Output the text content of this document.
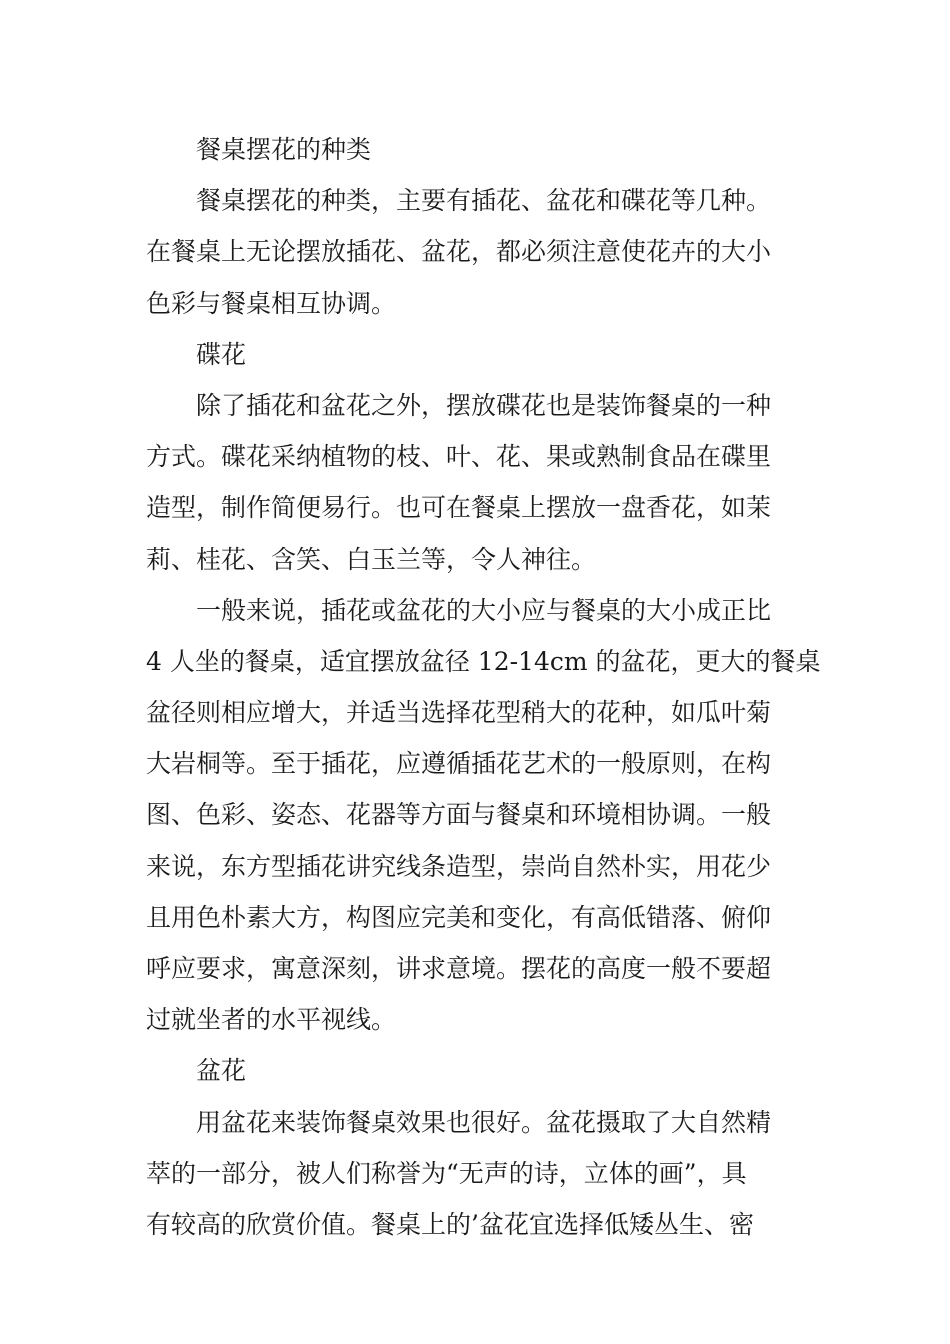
餐桌摆花的种类
餐桌摆花的种类，主要有插花、盆花和碟花等几种。
在餐桌上无论摆放插花、盆花，都必须注意使花卉的大小
色彩与餐桌相互协调。
碟花
除了插花和盆花之外，摆放碟花也是装饰餐桌的一种
方式。碟花采纳植物的枝、叶、花、果或熟制食品在碟里
造型，制作简便易行。也可在餐桌上摆放一盘香花，如茉
莉、桂花、含笑、白玉兰等，令人神往。
一般来说，插花或盆花的大小应与餐桌的大小成正比
4 人坐的餐桌，适宜摆放盆径 12-14cm 的盆花，更大的餐桌
盆径则相应增大，并适当选择花型稍大的花种，如瓜叶菊
大岩桐等。至于插花，应遵循插花艺术的一般原则，在构
图、色彩、姿态、花器等方面与餐桌和环境相协调。一般
来说，东方型插花讲究线条造型，崇尚自然朴实，用花少
且用色朴素大方，构图应完美和变化，有高低错落、俯仰
呼应要求，寓意深刻，讲求意境。摆花的高度一般不要超
过就坐者的水平视线。
盆花
用盆花来装饰餐桌效果也很好。盆花摄取了大自然精
萃的一部分，被人们称誉为“无声的诗，立体的画”，具
有较高的欣赏价值。餐桌上的’盆花宜选择低矮丛生、密
